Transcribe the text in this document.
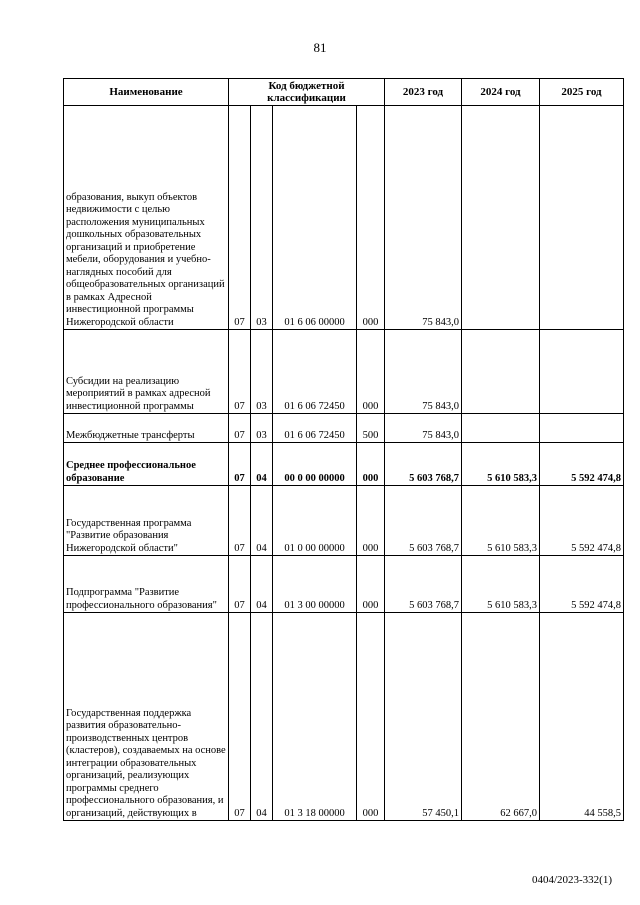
81
Наименование	Код бюджетной классификации				2023 год	2024 год	2025 год
образования, выкуп объектов недвижимости с целью расположения муниципальных дошкольных образовательных организаций и приобретение мебели, оборудования и учебно-наглядных пособий для общеобразовательных организаций в рамках Адресной инвестиционной программы Нижегородской области	07	03	01 6 06 00000	000	75 843,0		
Субсидии на реализацию мероприятий в рамках адресной инвестиционной программы	07	03	01 6 06 72450	000	75 843,0		
Межбюджетные трансферты	07	03	01 6 06 72450	500	75 843,0		
Среднее профессиональное образование	07	04	00 0 00 00000	000	5 603 768,7	5 610 583,3	5 592 474,8
Государственная программа "Развитие образования Нижегородской области"	07	04	01 0 00 00000	000	5 603 768,7	5 610 583,3	5 592 474,8
Подпрограмма "Развитие профессионального образования"	07	04	01 3 00 00000	000	5 603 768,7	5 610 583,3	5 592 474,8
Государственная поддержка развития образовательно-производственных центров (кластеров), создаваемых на основе интеграции образовательных организаций, реализующих программы среднего профессионального образования, и организаций, действующих в	07	04	01 3 18 00000	000	57 450,1	62 667,0	44 558,5
0404/2023-332(1)
